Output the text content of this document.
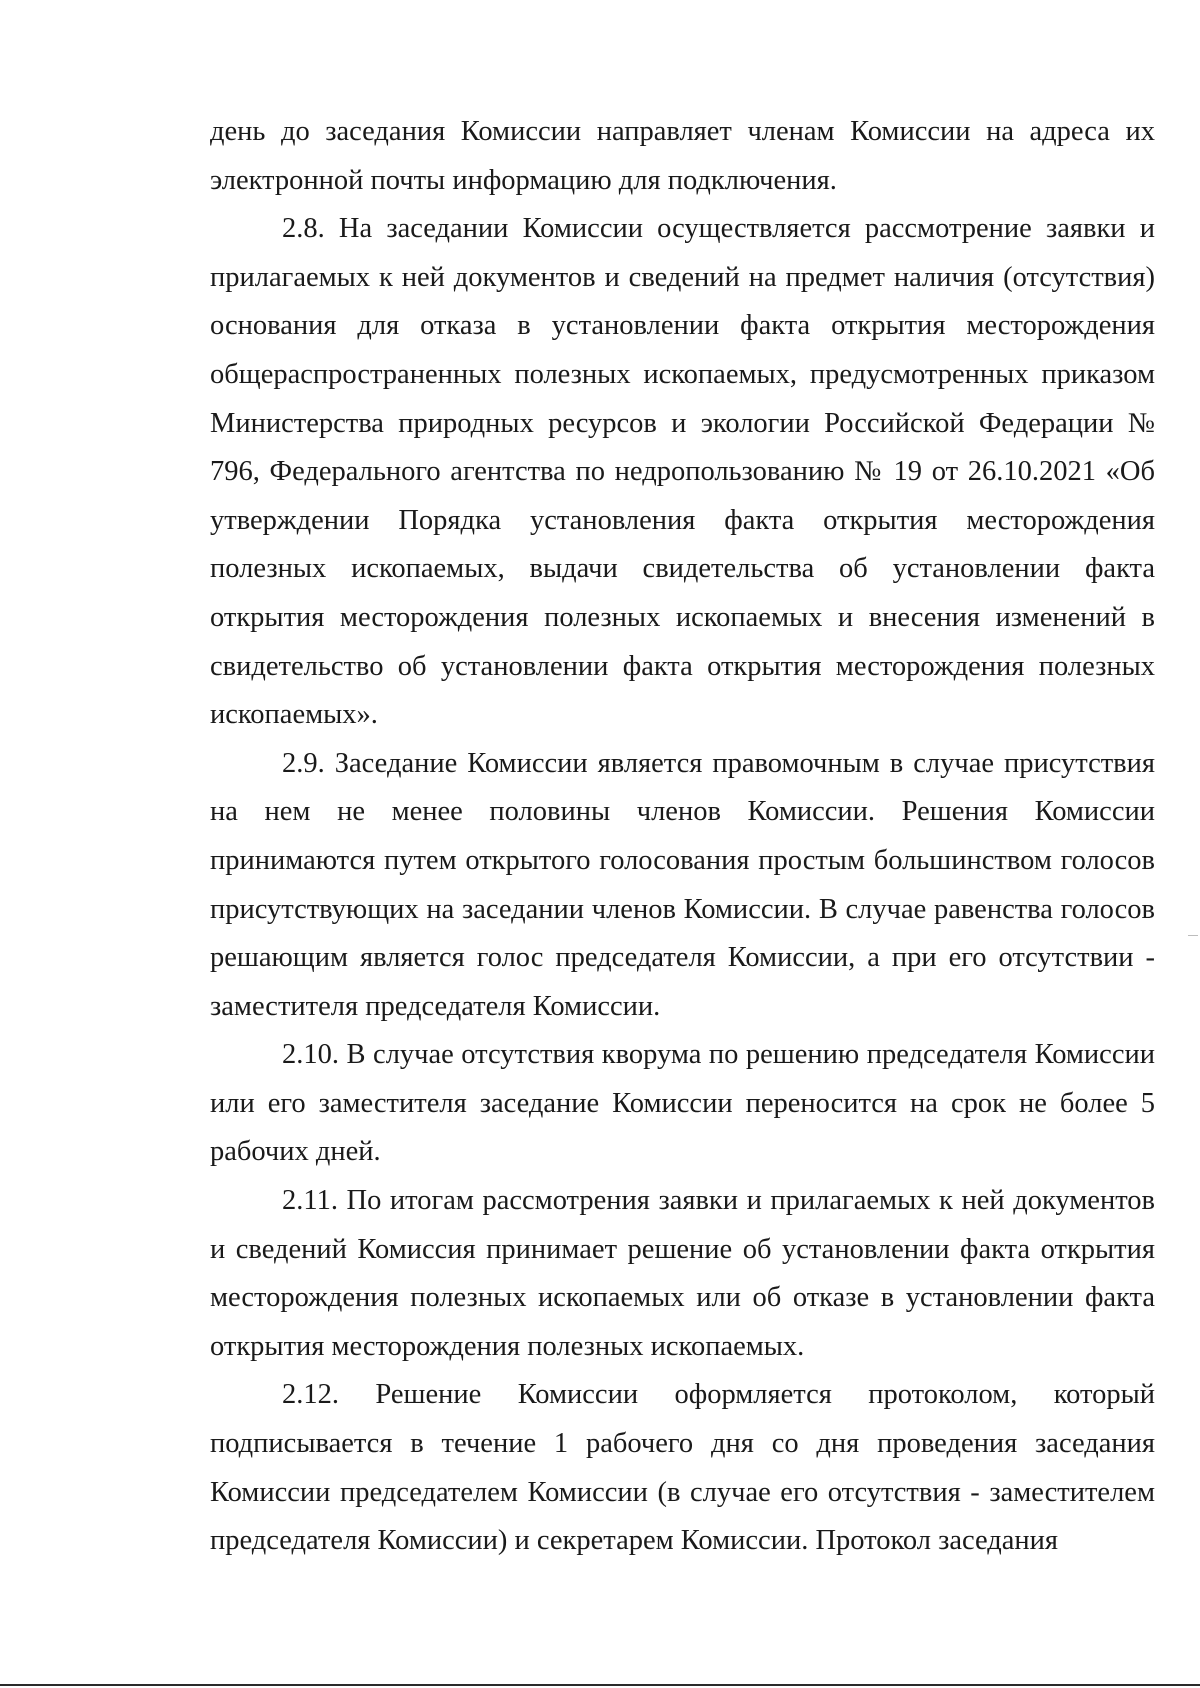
день до заседания Комиссии направляет членам Комиссии на адреса их электронной почты информацию для подключения.

2.8. На заседании Комиссии осуществляется рассмотрение заявки и прилагаемых к ней документов и сведений на предмет наличия (отсутствия) основания для отказа в установлении факта открытия месторождения общераспространенных полезных ископаемых, предусмотренных приказом Министерства природных ресурсов и экологии Российской Федерации № 796, Федерального агентства по недропользованию № 19 от 26.10.2021 «Об утверждении Порядка установления факта открытия месторождения полезных ископаемых, выдачи свидетельства об установлении факта открытия месторождения полезных ископаемых и внесения изменений в свидетельство об установлении факта открытия месторождения полезных ископаемых».

2.9. Заседание Комиссии является правомочным в случае присутствия на нем не менее половины членов Комиссии. Решения Комиссии принимаются путем открытого голосования простым большинством голосов присутствующих на заседании членов Комиссии. В случае равенства голосов решающим является голос председателя Комиссии, а при его отсутствии - заместителя председателя Комиссии.

2.10. В случае отсутствия кворума по решению председателя Комиссии или его заместителя заседание Комиссии переносится на срок не более 5 рабочих дней.

2.11. По итогам рассмотрения заявки и прилагаемых к ней документов и сведений Комиссия принимает решение об установлении факта открытия месторождения полезных ископаемых или об отказе в установлении факта открытия месторождения полезных ископаемых.

2.12. Решение Комиссии оформляется протоколом, который подписывается в течение 1 рабочего дня со дня проведения заседания Комиссии председателем Комиссии (в случае его отсутствия - заместителем председателя Комиссии) и секретарем Комиссии. Протокол заседания
